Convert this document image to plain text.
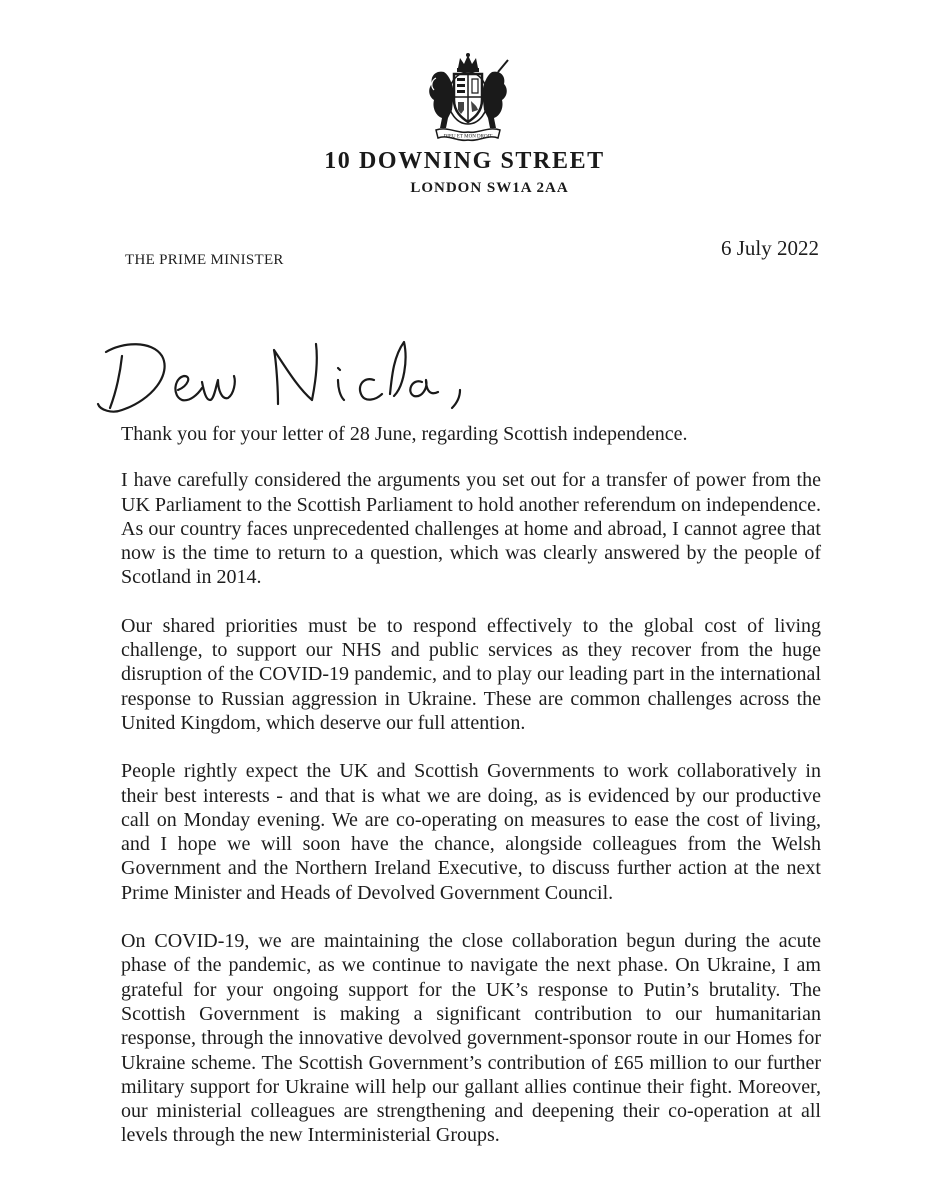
DIEU ET MON DROIT
10 DOWNING STREET
LONDON SW1A 2AA
THE PRIME MINISTER	6 July 2022

Thank you for your letter of 28 June, regarding Scottish independence.

I have carefully considered the arguments you set out for a transfer of power from the UK Parliament to the Scottish Parliament to hold another referendum on independence. As our country faces unprecedented challenges at home and abroad, I cannot agree that now is the time to return to a question, which was clearly answered by the people of Scotland in 2014.

Our shared priorities must be to respond effectively to the global cost of living challenge, to support our NHS and public services as they recover from the huge disruption of the COVID-19 pandemic, and to play our leading part in the international response to Russian aggression in Ukraine. These are common challenges across the United Kingdom, which deserve our full attention.

People rightly expect the UK and Scottish Governments to work collaboratively in their best interests - and that is what we are doing, as is evidenced by our productive call on Monday evening. We are co-operating on measures to ease the cost of living, and I hope we will soon have the chance, alongside colleagues from the Welsh Government and the Northern Ireland Executive, to discuss further action at the next Prime Minister and Heads of Devolved Government Council.

On COVID-19, we are maintaining the close collaboration begun during the acute phase of the pandemic, as we continue to navigate the next phase. On Ukraine, I am grateful for your ongoing support for the UK’s response to Putin’s brutality. The Scottish Government is making a significant contribution to our humanitarian response, through the innovative devolved government-sponsor route in our Homes for Ukraine scheme. The Scottish Government’s contribution of £65 million to our further military support for Ukraine will help our gallant allies continue their fight. Moreover, our ministerial colleagues are strengthening and deepening their co-operation at all levels through the new Interministerial Groups.
